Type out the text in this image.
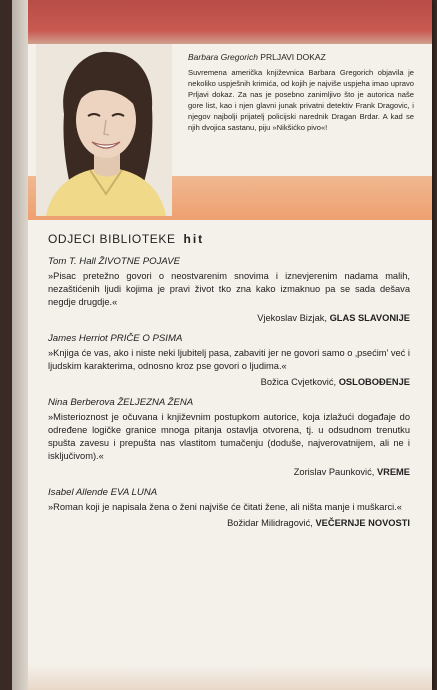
Barbara Gregorich PRLJAVI DOKAZ

Suvremena američka književnica Barbara Gregorich objavila je nekoliko uspješnih krimića, od kojih je najviše uspjeha imao upravo Prljavi dokaz. Za nas je posebno zanimljivo što je autorica naše gore list, kao i njen glavni junak privatni detektiv Frank Dragovic, i njegov najbolji prijatelj policijski narednik Dragan Brdar. A kad se njih dvojica sastanu, piju »Nikšićko pivo«!

ODJECI BIBLIOTEKE hit

Tom T. Hall ŽIVOTNE POJAVE

»Pisac pretežno govori o neostvarenim snovima i iznevjerenim nadama malih, nezaštićenih ljudi kojima je pravi život tko zna kako izmaknuo pa se sada dešava negdje drugdje.«

Vjekoslav Bizjak, GLAS SLAVONIJE

James Herriot PRIČE O PSIMA

»Knjiga će vas, ako i niste neki ljubitelj pasa, zabaviti jer ne govori samo o ‚psećim’ već i ljudskim karakterima, odnosno kroz pse govori o ljudima.«

Božica Cvjetković, OSLOBOĐENJE

Nina Berberova ŽELJEZNA ŽENA

»Misterioznost je očuvana i književnim postupkom autorice, koja izlažući događaje do određene logičke granice mnoga pitanja ostavlja otvorena, tj. u odsudnom trenutku spušta zavesu i prepušta nas vlastitom tumačenju (doduše, najverovatnijem, ali ne i isključivom).«

Zorislav Paunković, VREME

Isabel Allende EVA LUNA

»Roman koji je napisala žena o ženi najviše će čitati žene, ali ništa manje i muškarci.«

Božidar Milidragović, VEČERNJE NOVOSTI
